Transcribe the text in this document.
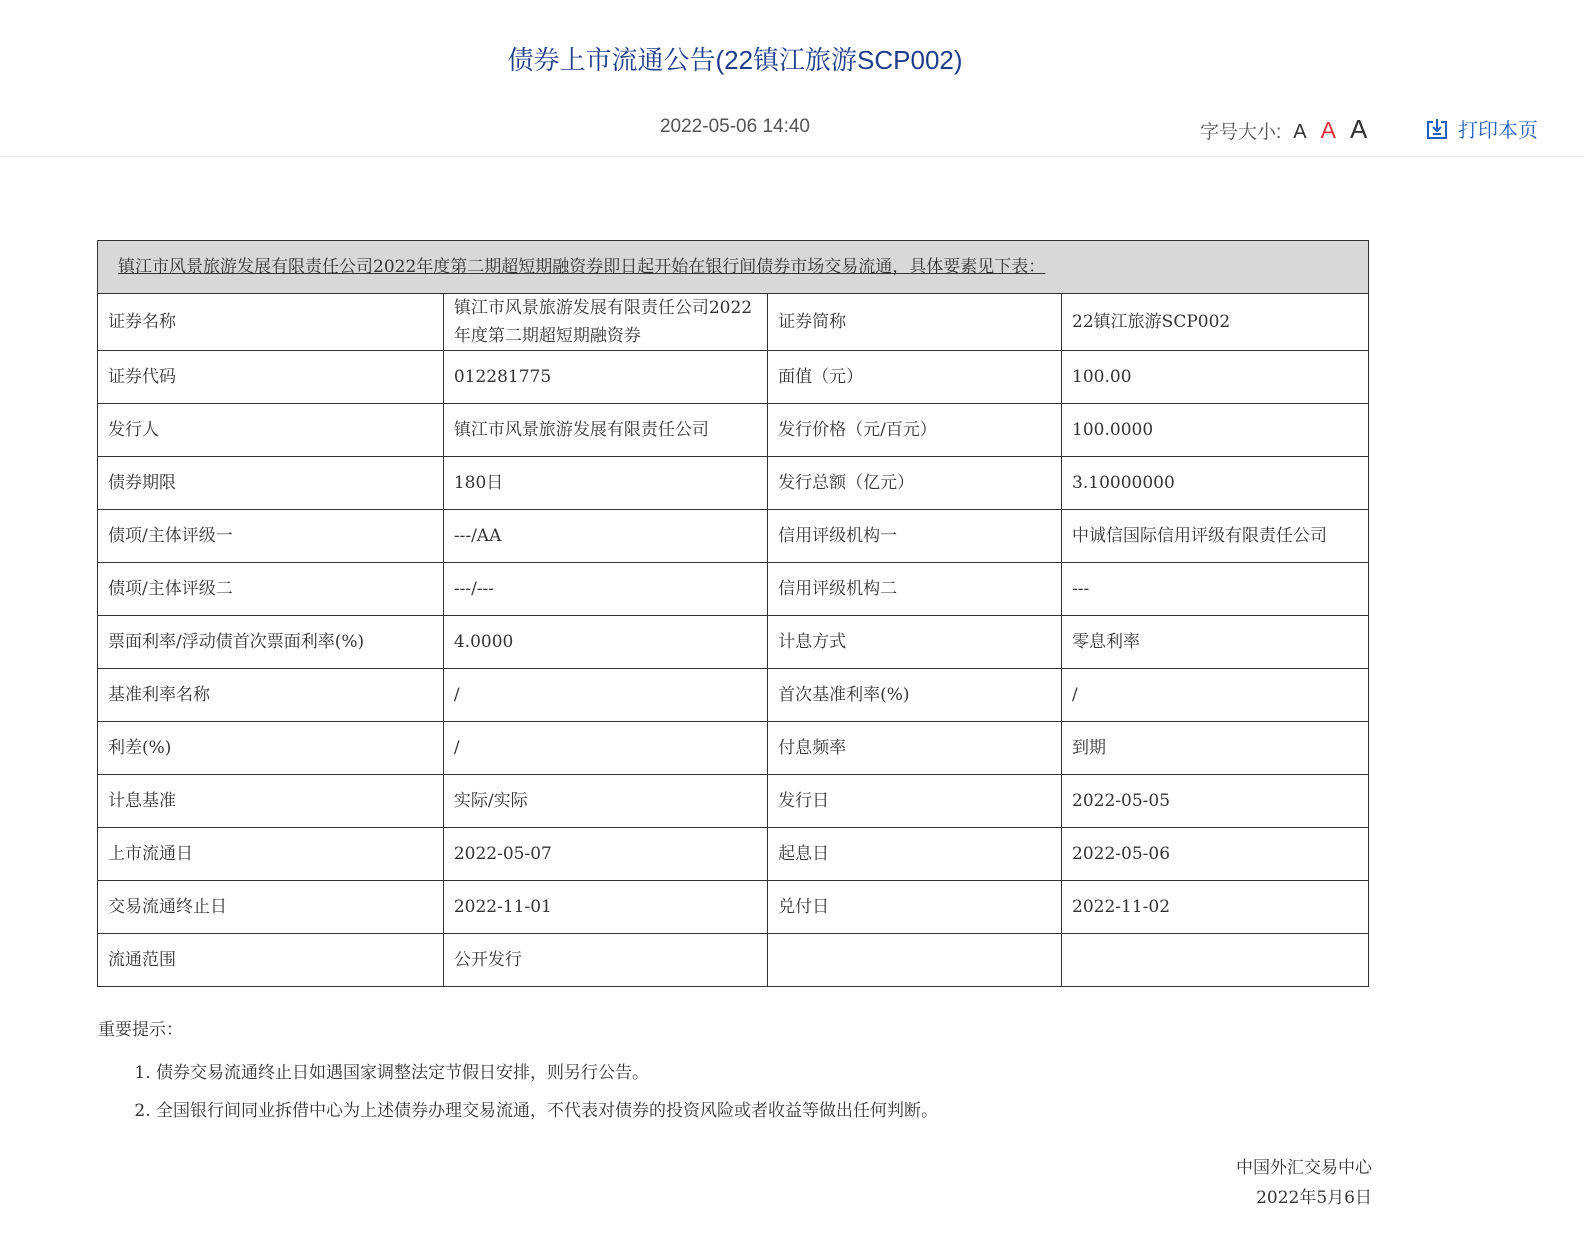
债券上市流通公告(22镇江旅游SCP002)
2022-05-06 14:40	字号大小: A A A	打印本页
镇江市风景旅游发展有限责任公司2022年度第二期超短期融资券即日起开始在银行间债券市场交易流通，具体要素见下表：			
证券名称	镇江市风景旅游发展有限责任公司2022年度第二期超短期融资券	证券简称	22镇江旅游SCP002
证券代码	012281775	面值（元）	100.00
发行人	镇江市风景旅游发展有限责任公司	发行价格（元/百元）	100.0000
债券期限	180日	发行总额（亿元）	3.10000000
债项/主体评级一	---/AA	信用评级机构一	中诚信国际信用评级有限责任公司
债项/主体评级二	---/---	信用评级机构二	---
票面利率/浮动债首次票面利率(%)	4.0000	计息方式	零息利率
基准利率名称	/	首次基准利率(%)	/
利差(%)	/	付息频率	到期
计息基准	实际/实际	发行日	2022-05-05
上市流通日	2022-05-07	起息日	2022-05-06
交易流通终止日	2022-11-01	兑付日	2022-11-02
流通范围	公开发行		

重要提示：

1. 债券交易流通终止日如遇国家调整法定节假日安排，则另行公告。
2. 全国银行间同业拆借中心为上述债券办理交易流通，不代表对债券的投资风险或者收益等做出任何判断。
中国外汇交易中心
2022年5月6日
